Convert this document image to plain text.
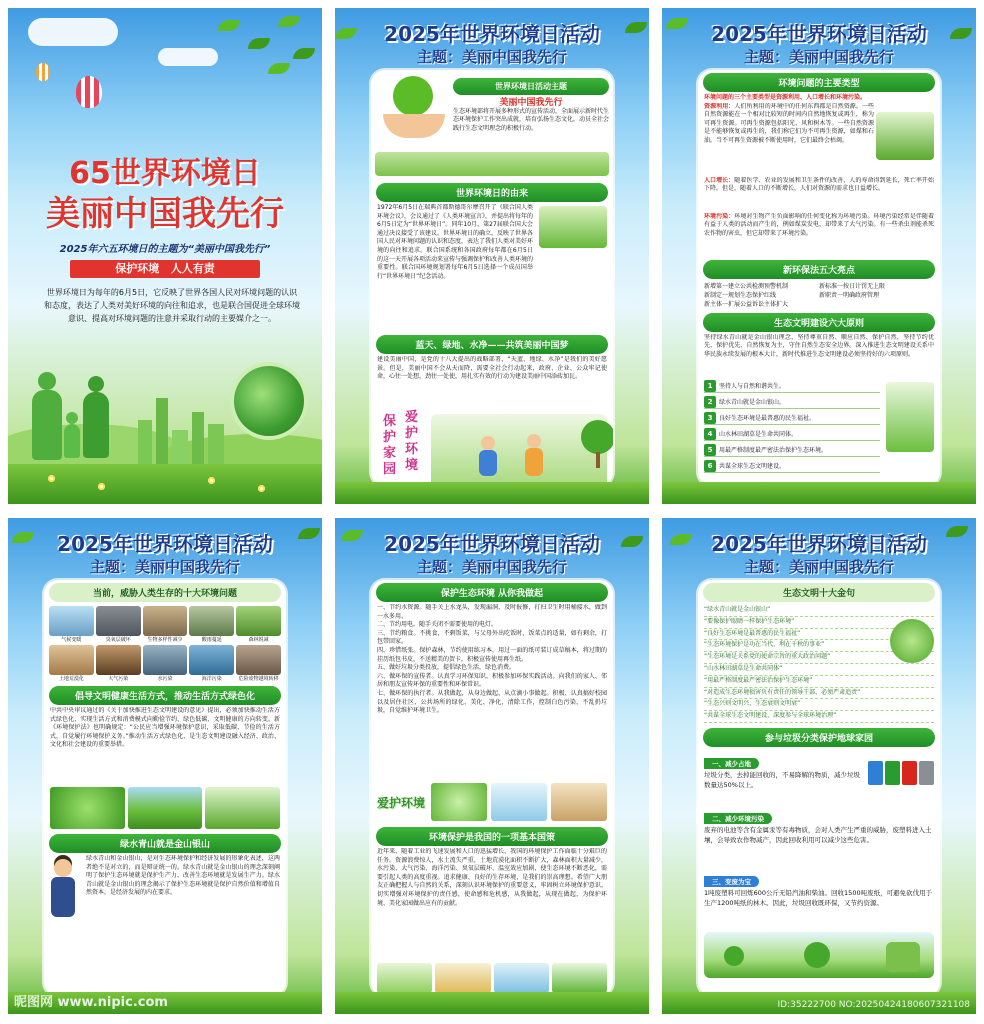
65世界环境日
美丽中国我先行
2025年六五环境日的主题为“美丽中国我先行”
保护环境 人人有责
世界环境日为每年的6月5日，它反映了世界各国人民对环境问题的认识和态度，表达了人类对美好环境的向往和追求，也是联合国促进全球环境意识、提高对环境问题的注意并采取行动的主要媒介之一。
2025年世界环境日活动
主题：美丽中国我先行
世界环境日活动主题
美丽中国我先行
生态环境部将开展多种形式的宣传活动，全面展示新时代生态环境保护工作突出成就，培育弘扬生态文化，动员全社会践行生态文明理念的积极行动。
世界环境日的由来
1972年6月5日在瑞典首都斯德哥尔摩召开了《联合国人类环境会议》，会议通过了《人类环境宣言》，并提出将每年的6月5日定为“世界环境日”。同年10月，第27届联合国大会通过决议接受了该建议。世界环境日的确立，反映了世界各国人民对环境问题的认识和态度，表达了我们人类对美好环境的向往和追求。联合国系统和各国政府每年都在6月5日的这一天开展各项活动来宣传与强调保护和改善人类环境的重要性。联合国环境规划署每年6月5日选择一个成员国举行“世界环境日”纪念活动。
蓝天、绿地、水净——共筑美丽中国梦
建设美丽中国，是党的十八大提出的战略部署，“天蓝、地绿、水净”是我们的美好愿景。但是，美丽中国不会从天而降，需要全社会行动起来，政府、企业、公众牢记使命，心往一处想，劲往一处使，用扎实有效的行动为建设美丽中国添砖加瓦。
保护家园
爱护环境
2025年世界环境日活动
主题：美丽中国我先行
环境问题的主要类型
环境问题的三个主要类型是资源利用、人口增长和环境污染。
资源利用：人们所利用的环境中的任何东西都是自然资源。一些自然资源能在一个相对比较短的时间内自然地恢复或再生，称为可再生资源。可再生资源包括阳光、风和树木等。一些自然资源是不能够恢复或再生的，我们称它们为不可再生资源，如煤和石油。当不可再生资源被不断使用时，它们最终会枯竭。
人口增长：随着医学、农业的发展和卫生条件的改善，人的寿命得到延长，死亡率开始下降。但是，随着人口的不断增长，人们对资源的需求也日益增长。
环境污染：环境对生物产生负面影响的任何变化称为环境污染。环境污染经常是伴随着有益于人类的活动而产生的，例如煤炭发电，却带来了大气污染。有一些杀虫剂能杀死农作物的害虫，但它却带来了环境污染。
新环保法五大亮点
新增第一建立公共检测预警机制	新标准一按日计罚无上限
新制定一规划生态保护红线	新职责一明确政府管理
新主体一扩展公益诉讼主体扩大
生态文明建设六大原则
坚持绿水青山就是金山银山理念，坚持尊重自然、顺应自然、保护自然，坚持节约优先、保护优先、自然恢复为主，守住自然生态安全边界。深入推进生态文明建设关系中华民族永续发展的根本大计，新时代推进生态文明建设必须坚持好的六项原则。
1	坚持人与自然和谐共生。
2	绿水青山就是金山银山。
3	良好生态环境是最普惠的民生福祉。
4	山水林田湖草是生命共同体。
5	用最严格制度最严密法治保护生态环境。
6	共谋全球生态文明建设。
2025年世界环境日活动
主题：美丽中国我先行
当前，威胁人类生存的十大环境问题
气候变暖	臭氧层破坏	生物多样性减少	酸雨蔓延	森林锐减
土地荒漠化	大气污染	水污染	海洋污染	危险废物越境转移
倡导文明健康生活方式，推动生活方式绿色化
中共中央审议通过的《关于加快推进生态文明建设的意见》提出，必须加快推动生活方式绿色化，实现生活方式和消费模式向勤俭节约、绿色低碳、文明健康的方向转变。新《环境保护法》也明确规定：“公民应当增强环境保护意识，采取低碳、节俭的生活方式，自觉履行环境保护义务。”推动生活方式绿色化，是生态文明建设融入经济、政治、文化和社会建设的重要举措。
绿水青山就是金山银山
绿水青山和金山银山，是对生态环境保护和经济发展的形象化表述，这两者绝不是对立的，而是辩证统一的。绿水青山就是金山银山的理念深刻阐明了保护生态环境就是保护生产力、改善生态环境就是发展生产力。绿水青山就是金山银山的理念揭示了保护生态环境就是保护自然价值和增值自然资本，是经济发展的内在要求。
昵图网 www.nipic.com
2025年世界环境日活动
主题：美丽中国我先行
保护生态环境 从你我做起
一、节约水资源。随手关上水龙头，发现漏洞，及时报修，打扫卫生时用桶接水，做到一水多用。
二、节约用电。随手关闭不需要使用的电灯。
三、节约粮食。不挑食，不剩饭菜，与父母外出吃饭时，饭菜点的适量，如有剩余，打包带回家。
四、珍惜纸张。保护森林，节约使用练习本，用过一面的纸可装订成草稿本，将过期的挂历纸包书皮，不送精美的贺卡，积极宣传使用再生纸。
五、做好垃圾分类投放，提倡绿色生活，绿色消费。
六、做环保的宣传者。认真学习环保知识，积极参加环保实践活动。向我们的家人、邻居和朋友宣传环保的重要性和环保常识。
七、做环保的执行者。从我做起，从身边做起，从点滴小事做起。积极、认真搞好校园以及居住社区、公共场所的绿化、美化、净化，清除工作，控制白色污染，不乱扔垃圾，自觉维护环境卫生。
爱护环境
环境保护是我国的一项基本国策
近年来，随着工业的飞速发展和人口的迅猛增长，我国的环境保护工作面临十分艰巨的任务。资源浪费惊人，水土流失严重，土地荒漠化面积不断扩大，森林面积大量减少，水污染、大气污染、海洋污染、臭氧层破坏、温室效应加剧，使生态环境不断恶化，需要引起人类的高度重视。追求健康、良好的生存环境，是我们的崇高理想。希望广大朋友正确把握人与自然的关系，深刻认识环境保护的重要意义，牢固树立环境保护意识，切实增强对环境保护的责任感，使命感和危机感，从我做起，从现在做起，为保护环境、美化家园做出应有的贡献。
2025年世界环境日活动
主题：美丽中国我先行
生态文明十大金句
“绿水青山就是金山银山”
“要像保护眼睛一样保护生态环境”
“良好生态环境是最普惠的民生福祉”
“生态环境保护是功在当代、利在千秋的事业”
“生态环境是关系党的使命宗旨的重大政治问题”
“山水林田湖草是生命共同体”
“用最严格制度最严密法治保护生态环境”
“对造成生态环境损害负有责任的领导干部，必须严肃追责”
“生态兴则文明兴，生态衰则文明衰”
“共谋全球生态文明建设，深度参与全球环境治理”
参与垃圾分类保护地球家园
一、减少占地
垃圾分类，去掉能回收的，不易降解的物质，减少垃圾数量达50%以上。
二、减少环境污染
废弃的电池等含有金属汞等有毒物质，会对人类产生严重的威胁，废塑料进入土壤，会导致农作物减产，因此回收利用可以减少这些危害。
三、变废为宝
1吨废塑料可回炼600公斤无铅汽油和柴油。回收1500吨废纸，可避免砍伐用于生产1200吨纸的林木。因此，垃圾回收既环保，又节约资源。
ID:35222700 NO:20250424180607321108
